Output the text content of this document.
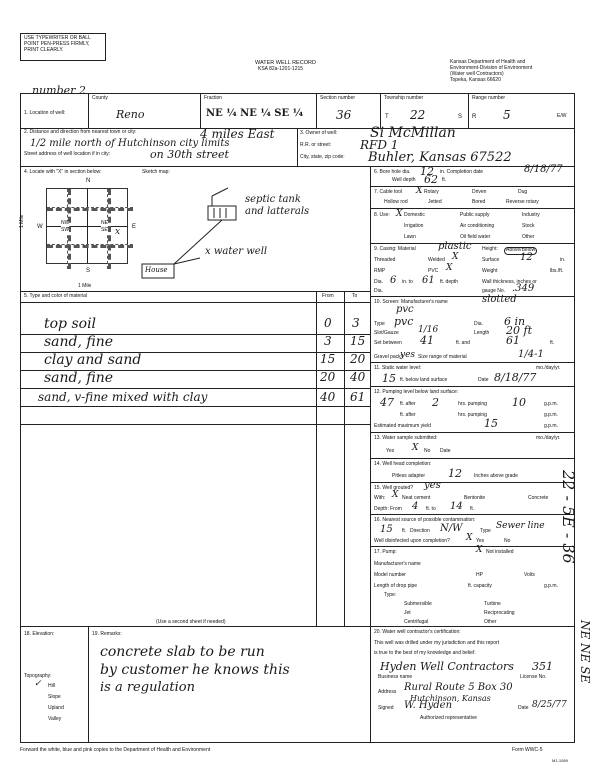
USE TYPEWRITER OR BALL POINT PEN-PRESS FIRMLY, PRINT CLEARLY.
WATER WELL RECORD
KSA 82a-1201-1215
Kansas Department of Health and
Environment-Division of Environment
(Water well Contractors)
Topeka, Kansas 66620
number 2
1. Location of well:
County
Reno
Fraction
NE ¼ NE ¼ SE ¼
Section number
36
Township number
T 22	S
Range number
R 5	E/W
2. Distance and direction from nearest town or city:	4 miles East
1/2 mile north of Hutchinson city limits
Street address of well location if in city:	on 30th street
3. Owner of well: Si McMillan
R.R. or street: RFD 1
City, state, zip code: Buhler, Kansas 67522
4. Locate with "X" in section below:	Sketch map:
N
S
W	E
1 Mile
1 Mile
NW	NE
SW	SE x
septic tank
and latterals
x water well
House
6. Bore hole dia. 12 in. Completion date	8/18/77
Well depth 62 ft.
7. Cable tool X Rotary	Driven	Dug
Hollow rod	Jetted	Bored	Reverse rotary
8. Use: X Domestic	Public supply	Industry
Irrigation	Air conditioning	Stock
Lawn	Oil field water	Other
9. Casing: Material plastic Height:	Above/Below
Threaded	Welded X	Surface 12	in.
RMP	PVC X	Weight	lbs./ft.
Dia. 6 in. to 61 ft. depth	Wall thickness, inches or
Dia.	gauge No. .349
5. Type and color of material	From	To
top soil	0 3
sand, fine	3 15
clay and sand	15 20
sand, fine	20 40
sand, v-fine mixed with clay	40 61
(Use a second sheet if needed)
10. Screen: Manufacturer's name	slotted
pvc
Type pvc	Dia. 6 in
Slot/Gauze 1/16	Length 20 ft
Set between 41	ft. and	61	ft.
Gravel pack?
yes Size range of material	1/4-1
11. Static water level:	mo./day/yr.
15 ft. below land surface	Date 8/18/77
12. Pumping level below land surface:
47 ft. after 2	hrs. pumping 10	g.p.m.
ft. after	hrs. pumping	g.p.m.
Estimated maximum yield	15	g.p.m.
13. Water sample submitted:	mo./day/yr.
Yes X No Date
14. Well head completion:
Pitless adapter 12 Inches above grade
15. Well grouted? yes
With: X Neat cement	Bentonite	Concrete
Depth: From 4 ft. to 14 ft.
16. Nearest source of possible contamination:
15 ft. Direction N/W	Type Sewer line
Well disinfected upon completion? X Yes	No
17. Pump:	X Not installed
Manufacturer's name
Model number	HP	Volts
Length of drop pipe	ft. capacity	g.p.m.
Type:
Submersible	Turbine
Jet	Reciprocating
Centrifugal	Other
18. Elevation:
Topography:
✓ Hill
Slope
Upland
Valley
19. Remarks:
concrete slab to be run
by customer he knows this
is a regulation
20. Water well contractor's certification:
This well was drilled under my jurisdiction and this report
is true to the best of my knowledge and belief.
Hyden Well Contractors 351
Business name	License No.
Address Rural Route 5 Box 30
Hutchinson, Kansas
Signed W. Hyden
Authorized representative
Date 8/25/77
22 - 5E - 36
NE NE SE
Forward the white, blue and pink copies to the Department of Health and Environment	Form WWC-5
M1-1089
